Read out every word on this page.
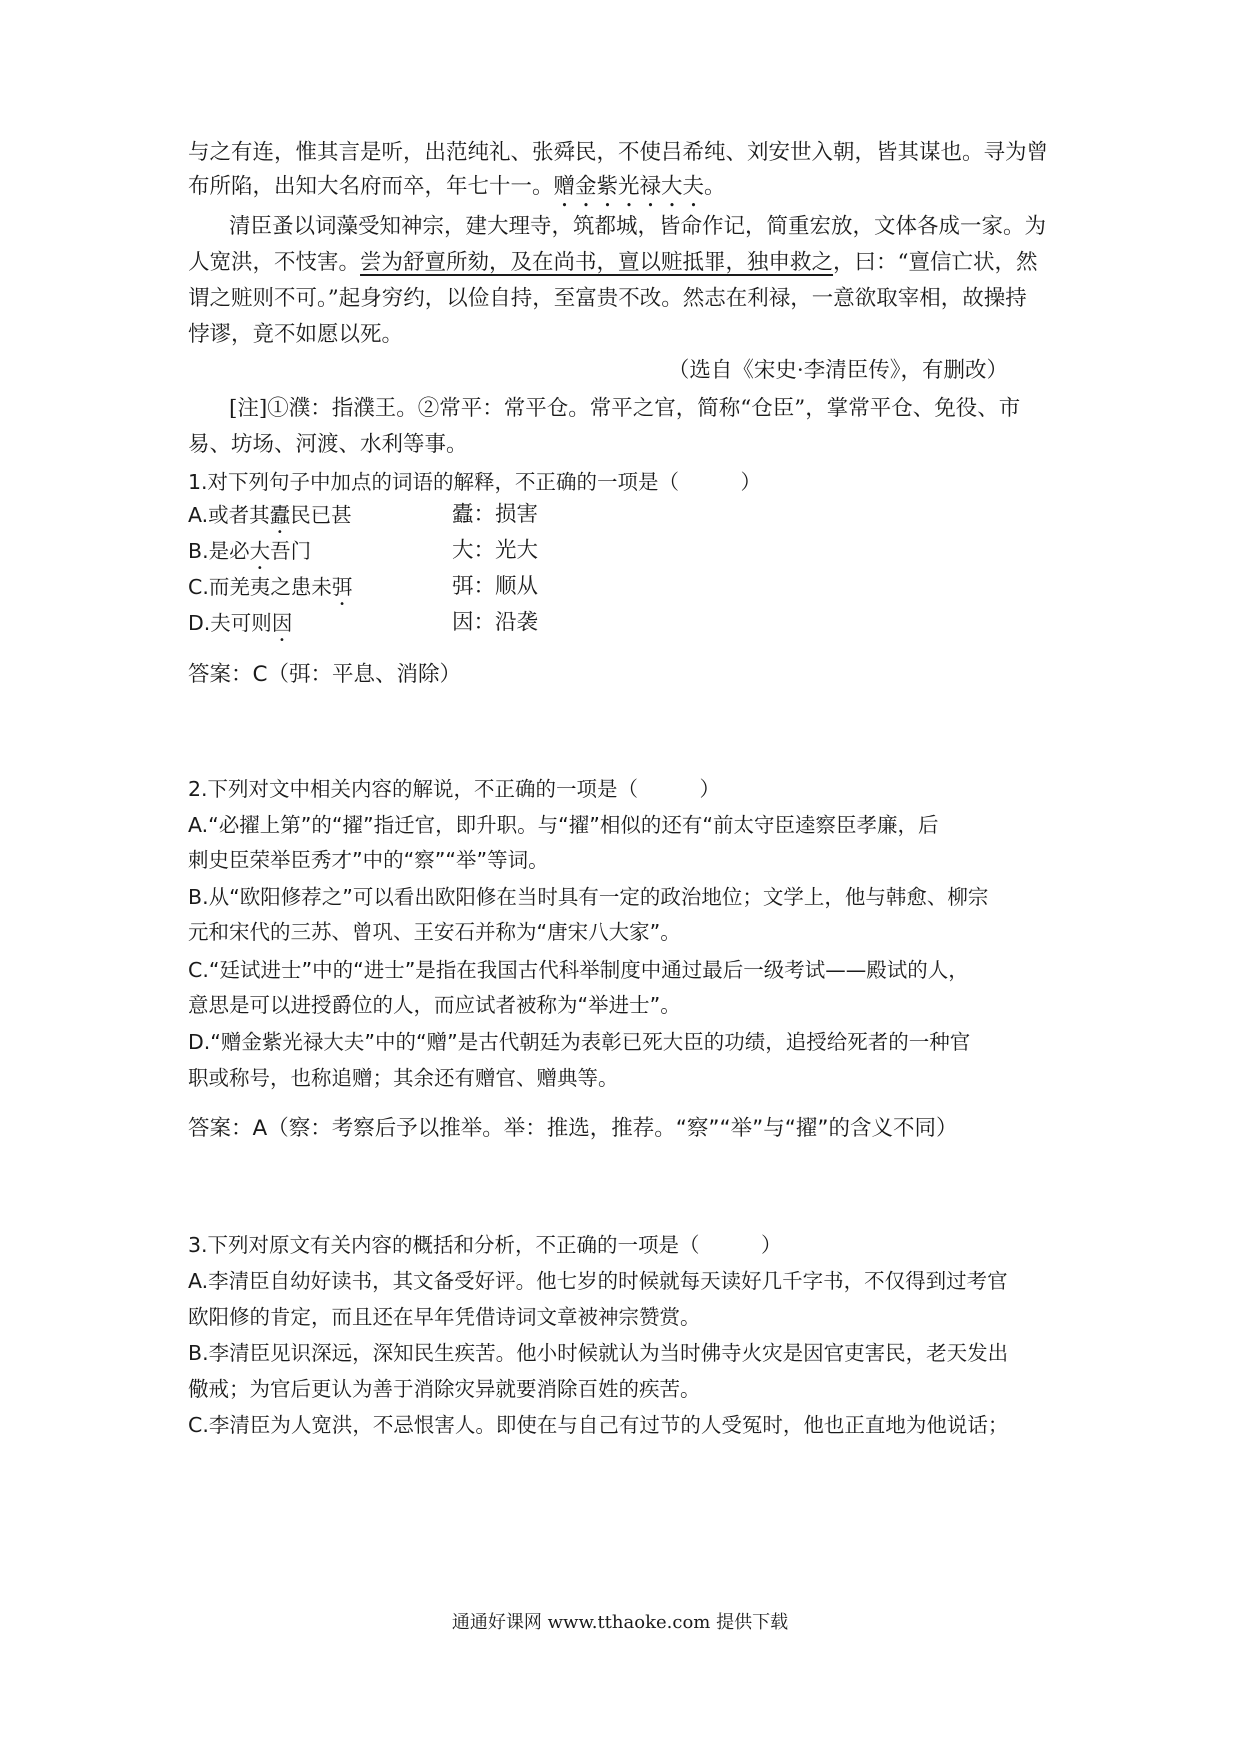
与之有连，惟其言是听，出范纯礼、张舜民，不使吕希纯、刘安世入朝，皆其谋也。寻为曾
布所陷，出知大名府而卒，年七十一。赠金紫光禄大夫。
清臣蚤以词藻受知神宗，建大理寺，筑都城，皆命作记，简重宏放，文体各成一家。为
人宽洪，不忮害。尝为舒亶所劾，及在尚书，亶以赃抵罪，独申救之，曰：“亶信亡状，然
谓之赃则不可。”起身穷约，以俭自持，至富贵不改。然志在利禄，一意欲取宰相，故操持
悖谬，竟不如愿以死。
（选自《宋史·李清臣传》，有删改）
[注]①濮：指濮王。②常平：常平仓。常平之官，简称“仓臣”，掌常平仓、免役、市
易、坊场、河渡、水利等事。
1.对下列句子中加点的词语的解释，不正确的一项是（　　　）
A.或者其蠹民已甚	蠹：损害
B.是必大吾门	大：光大
C.而羌夷之患未弭	弭：顺从
D.夫可则因	因：沿袭
答案：C（弭：平息、消除）
2.下列对文中相关内容的解说，不正确的一项是（　　　）
A.“必擢上第”的“擢”指迁官，即升职。与“擢”相似的还有“前太守臣逵察臣孝廉，后
刺史臣荣举臣秀才”中的“察”“举”等词。
B.从“欧阳修荐之”可以看出欧阳修在当时具有一定的政治地位；文学上，他与韩愈、柳宗
元和宋代的三苏、曾巩、王安石并称为“唐宋八大家”。
C.“廷试进士”中的“进士”是指在我国古代科举制度中通过最后一级考试——殿试的人，
意思是可以进授爵位的人，而应试者被称为“举进士”。
D.“赠金紫光禄大夫”中的“赠”是古代朝廷为表彰已死大臣的功绩，追授给死者的一种官
职或称号，也称追赠；其余还有赠官、赠典等。
答案：A（察：考察后予以推举。举：推选，推荐。“察”“举”与“擢”的含义不同）
3.下列对原文有关内容的概括和分析，不正确的一项是（　　　）
A.李清臣自幼好读书，其文备受好评。他七岁的时候就每天读好几千字书，不仅得到过考官
欧阳修的肯定，而且还在早年凭借诗词文章被神宗赞赏。
B.李清臣见识深远，深知民生疾苦。他小时候就认为当时佛寺火灾是因官吏害民，老天发出
儆戒；为官后更认为善于消除灾异就要消除百姓的疾苦。
C.李清臣为人宽洪，不忌恨害人。即使在与自己有过节的人受冤时，他也正直地为他说话；
通通好课网 www.tthaoke.com 提供下载
